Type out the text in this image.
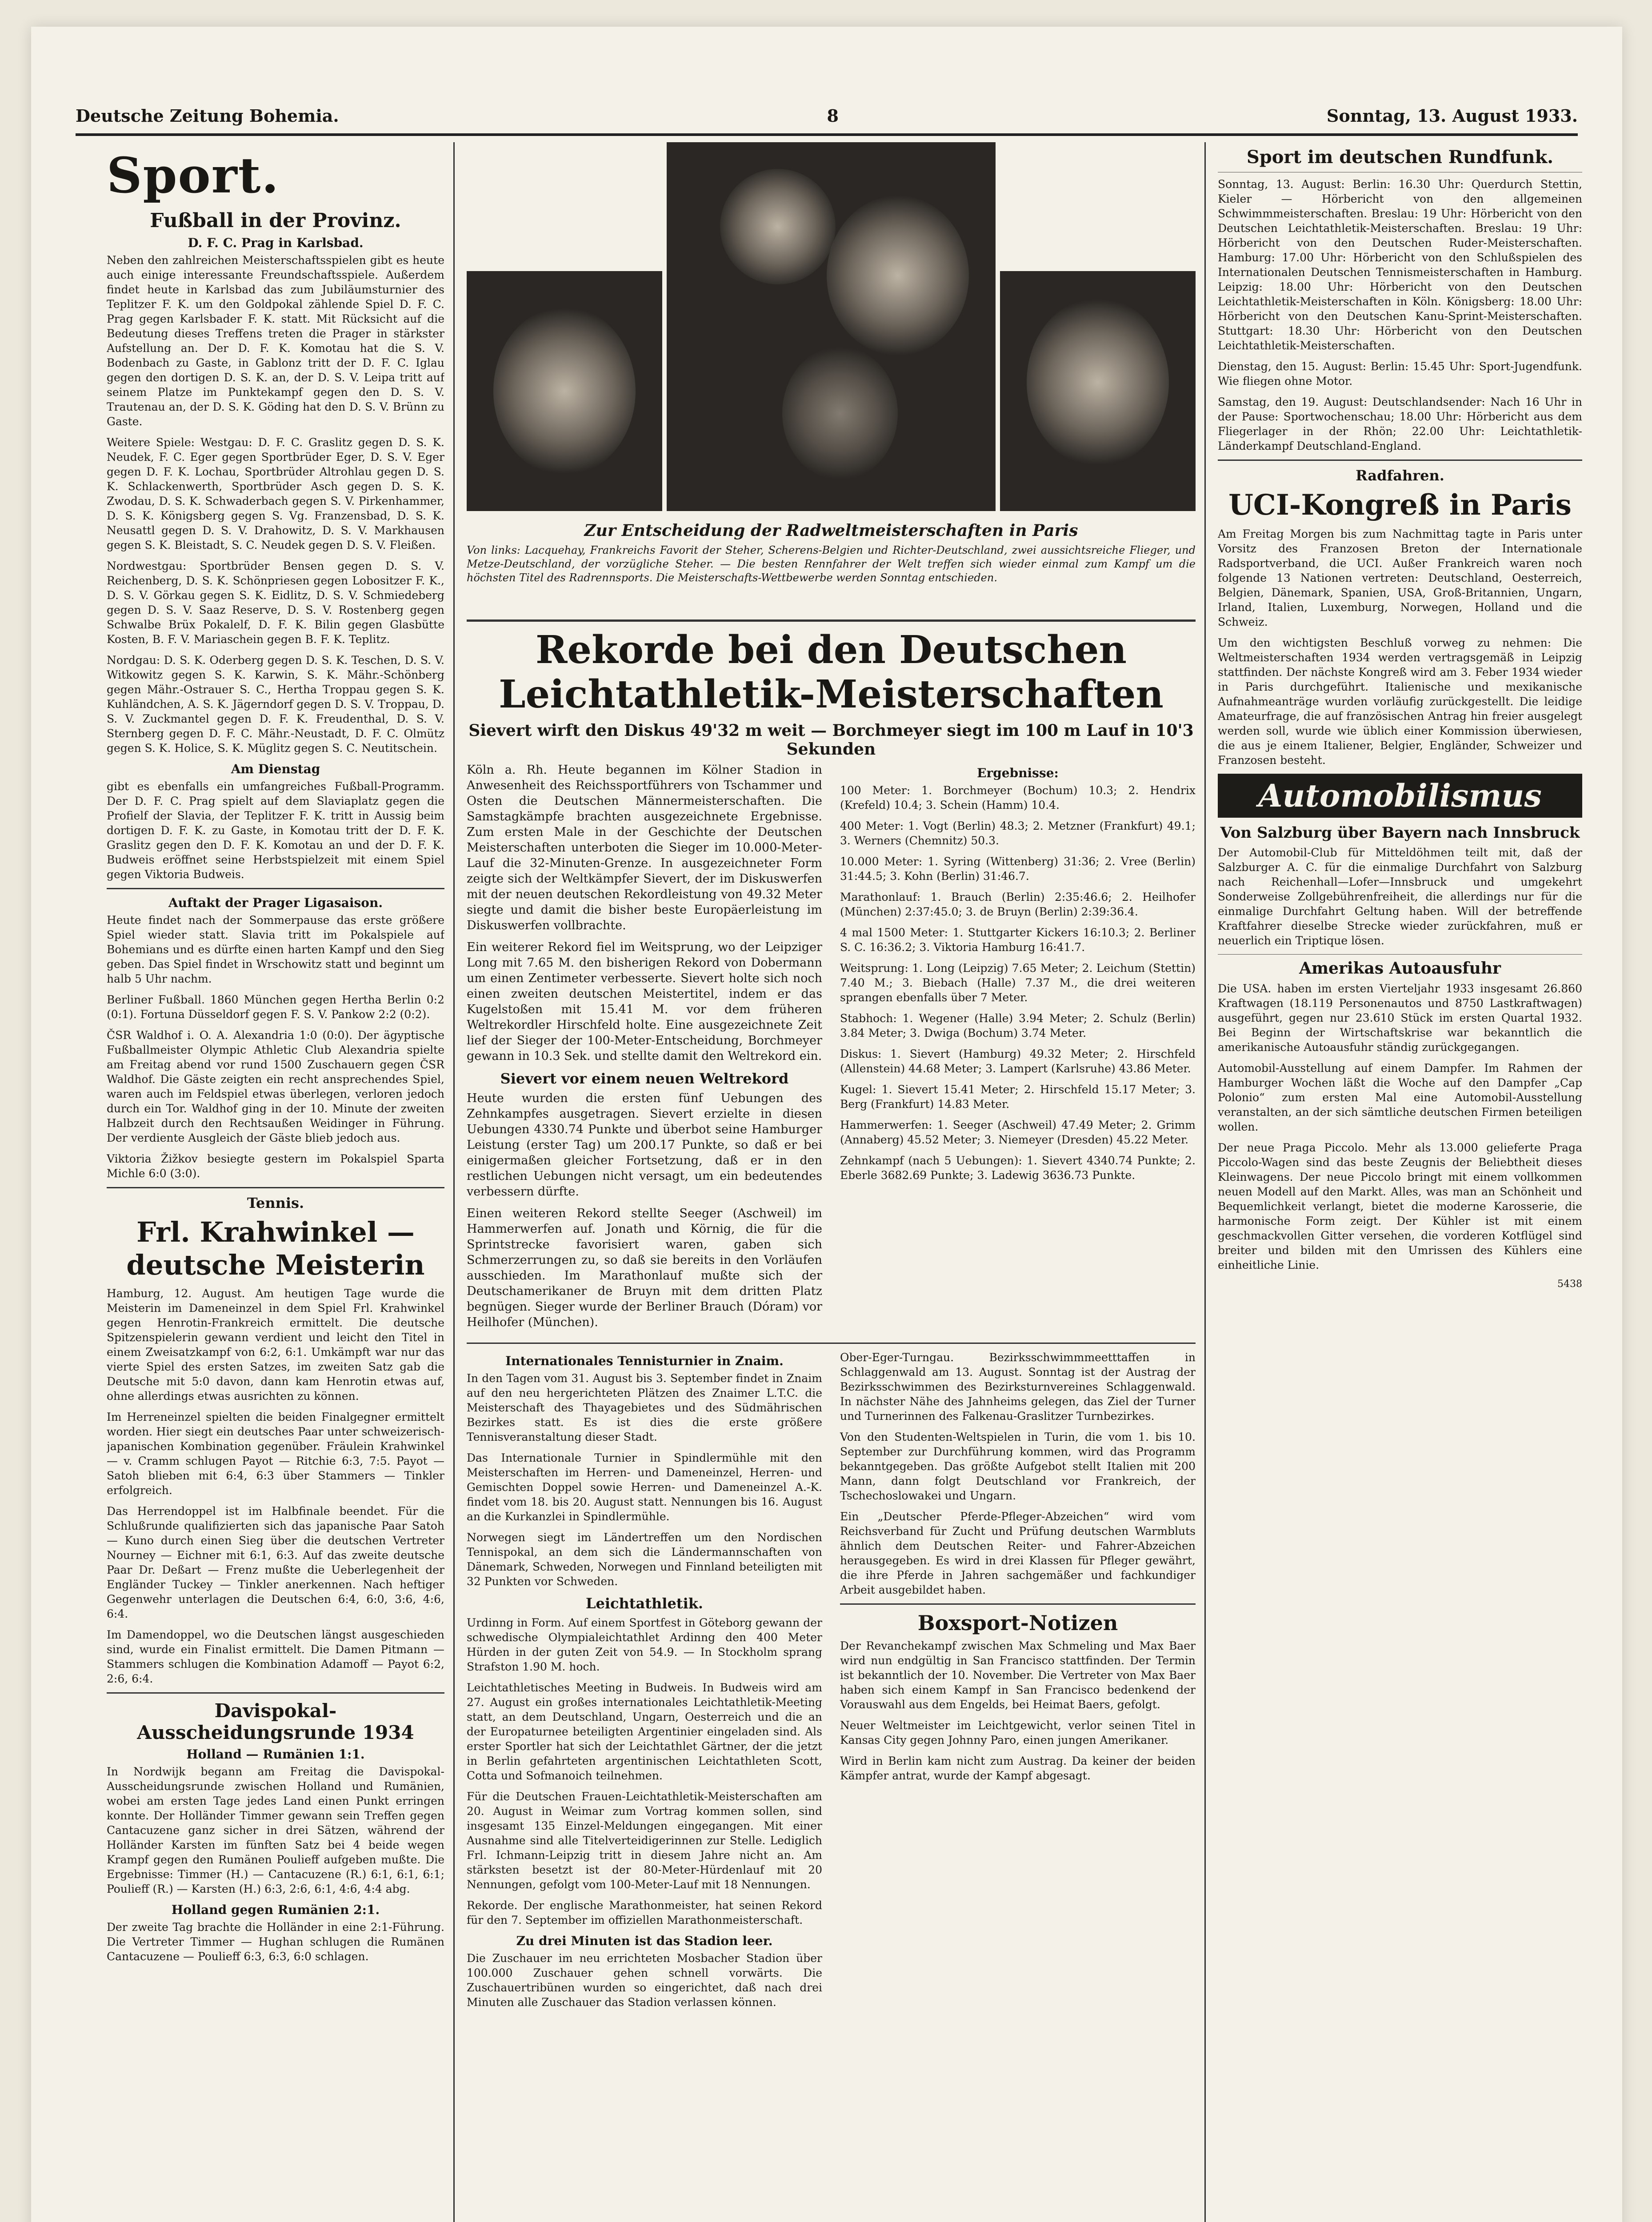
Deutsche Zeitung Bohemia.	8	Sonntag, 13. August 1933.
Sport.
Fußball in der Provinz.
D. F. C. Prag in Karlsbad.

Neben den zahlreichen Meisterschaftsspielen gibt es heute auch einige interessante Freundschaftsspiele. Außerdem findet heute in Karlsbad das zum Jubiläumsturnier des Teplitzer F. K. um den Goldpokal zählende Spiel D. F. C. Prag gegen Karlsbader F. K. statt. Mit Rücksicht auf die Bedeutung dieses Treffens treten die Prager in stärkster Aufstellung an. Der D. F. K. Komotau hat die S. V. Bodenbach zu Gaste, in Gablonz tritt der D. F. C. Iglau gegen den dortigen D. S. K. an, der D. S. V. Leipa tritt auf seinem Platze im Punktekampf gegen den D. S. V. Trautenau an, der D. S. K. Göding hat den D. S. V. Brünn zu Gaste.

Weitere Spiele: Westgau: D. F. C. Graslitz gegen D. S. K. Neudek, F. C. Eger gegen Sportbrüder Eger, D. S. V. Eger gegen D. F. K. Lochau, Sportbrüder Altrohlau gegen D. S. K. Schlackenwerth, Sportbrüder Asch gegen D. S. K. Zwodau, D. S. K. Schwaderbach gegen S. V. Pirkenhammer, D. S. K. Königsberg gegen S. Vg. Franzensbad, D. S. K. Neusattl gegen D. S. V. Drahowitz, D. S. V. Markhausen gegen S. K. Bleistadt, S. C. Neudek gegen D. S. V. Fleißen.

Nordwestgau: Sportbrüder Bensen gegen D. S. V. Reichenberg, D. S. K. Schönpriesen gegen Lobositzer F. K., D. S. V. Görkau gegen S. K. Eidlitz, D. S. V. Schmiedeberg gegen D. S. V. Saaz Reserve, D. S. V. Rostenberg gegen Schwalbe Brüx Pokalelf, D. F. K. Bilin gegen Glasbütte Kosten, B. F. V. Mariaschein gegen B. F. K. Teplitz.

Nordgau: D. S. K. Oderberg gegen D. S. K. Teschen, D. S. V. Witkowitz gegen S. K. Karwin, S. K. Mähr.-Schönberg gegen Mähr.-Ostrauer S. C., Hertha Troppau gegen S. K. Kuhländchen, A. S. K. Jägerndorf gegen D. S. V. Troppau, D. S. V. Zuckmantel gegen D. F. K. Freudenthal, D. S. V. Sternberg gegen D. F. C. Mähr.-Neustadt, D. F. C. Olmütz gegen S. K. Holice, S. K. Müglitz gegen S. C. Neutitschein.

Am Dienstag

gibt es ebenfalls ein umfangreiches Fußball-Programm. Der D. F. C. Prag spielt auf dem Slaviaplatz gegen die Profielf der Slavia, der Teplitzer F. K. tritt in Aussig beim dortigen D. F. K. zu Gaste, in Komotau tritt der D. F. K. Graslitz gegen den D. F. K. Komotau an und der D. F. K. Budweis eröffnet seine Herbstspielzeit mit einem Spiel gegen Viktoria Budweis.

Auftakt der Prager Ligasaison.

Heute findet nach der Sommerpause das erste größere Spiel wieder statt. Slavia tritt im Pokalspiele auf Bohemians und es dürfte einen harten Kampf und den Sieg geben. Das Spiel findet in Wrschowitz statt und beginnt um halb 5 Uhr nachm.

Berliner Fußball. 1860 München gegen Hertha Berlin 0:2 (0:1). Fortuna Düsseldorf gegen F. S. V. Pankow 2:2 (0:2).

ČSR Waldhof i. O. A. Alexandria 1:0 (0:0). Der ägyptische Fußballmeister Olympic Athletic Club Alexandria spielte am Freitag abend vor rund 1500 Zuschauern gegen ČSR Waldhof. Die Gäste zeigten ein recht ansprechendes Spiel, waren auch im Feldspiel etwas überlegen, verloren jedoch durch ein Tor. Waldhof ging in der 10. Minute der zweiten Halbzeit durch den Rechtsaußen Weidinger in Führung. Der verdiente Ausgleich der Gäste blieb jedoch aus.

Viktoria Žižkov besiegte gestern im Pokalspiel Sparta Michle 6:0 (3:0).

Tennis.
Frl. Krahwinkel — deutsche Meisterin

Hamburg, 12. August. Am heutigen Tage wurde die Meisterin im Dameneinzel in dem Spiel Frl. Krahwinkel gegen Henrotin-Frankreich ermittelt. Die deutsche Spitzenspielerin gewann verdient und leicht den Titel in einem Zweisatzkampf von 6:2, 6:1. Umkämpft war nur das vierte Spiel des ersten Satzes, im zweiten Satz gab die Deutsche mit 5:0 davon, dann kam Henrotin etwas auf, ohne allerdings etwas ausrichten zu können.

Im Herreneinzel spielten die beiden Finalgegner ermittelt worden. Hier siegt ein deutsches Paar unter schweizerisch-japanischen Kombination gegenüber. Fräulein Krahwinkel — v. Cramm schlugen Payot — Ritchie 6:3, 7:5. Payot — Satoh blieben mit 6:4, 6:3 über Stammers — Tinkler erfolgreich.

Das Herrendoppel ist im Halbfinale beendet. Für die Schlußrunde qualifizierten sich das japanische Paar Satoh — Kuno durch einen Sieg über die deutschen Vertreter Nourney — Eichner mit 6:1, 6:3. Auf das zweite deutsche Paar Dr. Deßart — Frenz mußte die Ueberlegenheit der Engländer Tuckey — Tinkler anerkennen. Nach heftiger Gegenwehr unterlagen die Deutschen 6:4, 6:0, 3:6, 4:6, 6:4.

Im Damendoppel, wo die Deutschen längst ausgeschieden sind, wurde ein Finalist ermittelt. Die Damen Pitmann — Stammers schlugen die Kombination Adamoff — Payot 6:2, 2:6, 6:4.

Davispokal-Ausscheidungsrunde 1934
Holland — Rumänien 1:1.

In Nordwijk begann am Freitag die Davispokal-Ausscheidungsrunde zwischen Holland und Rumänien, wobei am ersten Tage jedes Land einen Punkt erringen konnte. Der Holländer Timmer gewann sein Treffen gegen Cantacuzene ganz sicher in drei Sätzen, während der Holländer Karsten im fünften Satz bei 4 beide wegen Krampf gegen den Rumänen Poulieff aufgeben mußte. Die Ergebnisse: Timmer (H.) — Cantacuzene (R.) 6:1, 6:1, 6:1; Poulieff (R.) — Karsten (H.) 6:3, 2:6, 6:1, 4:6, 4:4 abg.

Holland gegen Rumänien 2:1.

Der zweite Tag brachte die Holländer in eine 2:1-Führung. Die Vertreter Timmer — Hughan schlugen die Rumänen Cantacuzene — Poulieff 6:3, 6:3, 6:0 schlagen.

Zur Entscheidung der Radweltmeisterschaften in Paris
Von links: Lacquehay, Frankreichs Favorit der Steher, Scherens-Belgien und Richter-Deutschland, zwei aussichtsreiche Flieger, und Metze-Deutschland, der vorzügliche Steher. — Die besten Rennfahrer der Welt treffen sich wieder einmal zum Kampf um die höchsten Titel des Radrennsports. Die Meisterschafts-Wettbewerbe werden Sonntag entschieden.
Rekorde bei den Deutschen Leichtathletik-Meisterschaften
Sievert wirft den Diskus 49'32 m weit — Borchmeyer siegt im 100 m Lauf in 10'3 Sekunden

Köln a. Rh. Heute begannen im Kölner Stadion in Anwesenheit des Reichssportführers von Tschammer und Osten die Deutschen Männermeisterschaften. Die Samstagkämpfe brachten ausgezeichnete Ergebnisse. Zum ersten Male in der Geschichte der Deutschen Meisterschaften unterboten die Sieger im 10.000-Meter-Lauf die 32-Minuten-Grenze. In ausgezeichneter Form zeigte sich der Weltkämpfer Sievert, der im Diskuswerfen mit der neuen deutschen Rekordleistung von 49.32 Meter siegte und damit die bisher beste Europäerleistung im Diskuswerfen vollbrachte.

Ein weiterer Rekord fiel im Weitsprung, wo der Leipziger Long mit 7.65 M. den bisherigen Rekord von Dobermann um einen Zentimeter verbesserte. Sievert holte sich noch einen zweiten deutschen Meistertitel, indem er das Kugelstoßen mit 15.41 M. vor dem früheren Weltrekordler Hirschfeld holte. Eine ausgezeichnete Zeit lief der Sieger der 100-Meter-Entscheidung, Borchmeyer gewann in 10.3 Sek. und stellte damit den Weltrekord ein.

Sievert vor einem neuen Weltrekord

Heute wurden die ersten fünf Uebungen des Zehnkampfes ausgetragen. Sievert erzielte in diesen Uebungen 4330.74 Punkte und überbot seine Hamburger Leistung (erster Tag) um 200.17 Punkte, so daß er bei einigermaßen gleicher Fortsetzung, daß er in den restlichen Uebungen nicht versagt, um ein bedeutendes verbessern dürfte.

Einen weiteren Rekord stellte Seeger (Aschweil) im Hammerwerfen auf. Jonath und Körnig, die für die Sprintstrecke favorisiert waren, gaben sich Schmerzerrungen zu, so daß sie bereits in den Vorläufen ausschieden. Im Marathonlauf mußte sich der Deutschamerikaner de Bruyn mit dem dritten Platz begnügen. Sieger wurde der Berliner Brauch (Dóram) vor Heilhofer (München).

Ergebnisse:

100 Meter: 1. Borchmeyer (Bochum) 10.3; 2. Hendrix (Krefeld) 10.4; 3. Schein (Hamm) 10.4.

400 Meter: 1. Vogt (Berlin) 48.3; 2. Metzner (Frankfurt) 49.1; 3. Werners (Chemnitz) 50.3.

10.000 Meter: 1. Syring (Wittenberg) 31:36; 2. Vree (Berlin) 31:44.5; 3. Kohn (Berlin) 31:46.7.

Marathonlauf: 1. Brauch (Berlin) 2:35:46.6; 2. Heilhofer (München) 2:37:45.0; 3. de Bruyn (Berlin) 2:39:36.4.

4 mal 1500 Meter: 1. Stuttgarter Kickers 16:10.3; 2. Berliner S. C. 16:36.2; 3. Viktoria Hamburg 16:41.7.

Weitsprung: 1. Long (Leipzig) 7.65 Meter; 2. Leichum (Stettin) 7.40 M.; 3. Biebach (Halle) 7.37 M., die drei weiteren sprangen ebenfalls über 7 Meter.

Stabhoch: 1. Wegener (Halle) 3.94 Meter; 2. Schulz (Berlin) 3.84 Meter; 3. Dwiga (Bochum) 3.74 Meter.

Diskus: 1. Sievert (Hamburg) 49.32 Meter; 2. Hirschfeld (Allenstein) 44.68 Meter; 3. Lampert (Karlsruhe) 43.86 Meter.

Kugel: 1. Sievert 15.41 Meter; 2. Hirschfeld 15.17 Meter; 3. Berg (Frankfurt) 14.83 Meter.

Hammerwerfen: 1. Seeger (Aschweil) 47.49 Meter; 2. Grimm (Annaberg) 45.52 Meter; 3. Niemeyer (Dresden) 45.22 Meter.

Zehnkampf (nach 5 Uebungen): 1. Sievert 4340.74 Punkte; 2. Eberle 3682.69 Punkte; 3. Ladewig 3636.73 Punkte.

Internationales Tennisturnier in Znaim.

In den Tagen vom 31. August bis 3. September findet in Znaim auf den neu hergerichteten Plätzen des Znaimer L.T.C. die Meisterschaft des Thayagebietes und des Südmährischen Bezirkes statt. Es ist dies die erste größere Tennisveranstaltung dieser Stadt.

Das Internationale Turnier in Spindlermühle mit den Meisterschaften im Herren- und Dameneinzel, Herren- und Gemischten Doppel sowie Herren- und Dameneinzel A.-K. findet vom 18. bis 20. August statt. Nennungen bis 16. August an die Kurkanzlei in Spindlermühle.

Norwegen siegt im Ländertreffen um den Nordischen Tennispokal, an dem sich die Ländermannschaften von Dänemark, Schweden, Norwegen und Finnland beteiligten mit 32 Punkten vor Schweden.

Leichtathletik.

Urdinng in Form. Auf einem Sportfest in Göteborg gewann der schwedische Olympialeichtathlet Ardinng den 400 Meter Hürden in der guten Zeit von 54.9. — In Stockholm sprang Strafston 1.90 M. hoch.

Leichtathletisches Meeting in Budweis. In Budweis wird am 27. August ein großes internationales Leichtathletik-Meeting statt, an dem Deutschland, Ungarn, Oesterreich und die an der Europaturnee beteiligten Argentinier eingeladen sind. Als erster Sportler hat sich der Leichtathlet Gärtner, der die jetzt in Berlin gefahrteten argentinischen Leichtathleten Scott, Cotta und Sofmanoich teilnehmen.

Für die Deutschen Frauen-Leichtathletik-Meisterschaften am 20. August in Weimar zum Vortrag kommen sollen, sind insgesamt 135 Einzel-Meldungen eingegangen. Mit einer Ausnahme sind alle Titelverteidigerinnen zur Stelle. Lediglich Frl. Ichmann-Leipzig tritt in diesem Jahre nicht an. Am stärksten besetzt ist der 80-Meter-Hürdenlauf mit 20 Nennungen, gefolgt vom 100-Meter-Lauf mit 18 Nennungen.

Rekorde. Der englische Marathonmeister, hat seinen Rekord für den 7. September im offiziellen Marathonmeisterschaft.

Zu drei Minuten ist das Stadion leer.

Die Zuschauer im neu errichteten Mosbacher Stadion über 100.000 Zuschauer gehen schnell vorwärts. Die Zuschauertribünen wurden so eingerichtet, daß nach drei Minuten alle Zuschauer das Stadion verlassen können.

Ober-Eger-Turngau. Bezirksschwimmmeetttaffen in Schlaggenwald am 13. August. Sonntag ist der Austrag der Bezirksschwimmen des Bezirksturnvereines Schlaggenwald. In nächster Nähe des Jahnheims gelegen, das Ziel der Turner und Turnerinnen des Falkenau-Graslitzer Turnbezirkes.

Von den Studenten-Weltspielen in Turin, die vom 1. bis 10. September zur Durchführung kommen, wird das Programm bekanntgegeben. Das größte Aufgebot stellt Italien mit 200 Mann, dann folgt Deutschland vor Frankreich, der Tschechoslowakei und Ungarn.

Ein „Deutscher Pferde-Pfleger-Abzeichen“ wird vom Reichsverband für Zucht und Prüfung deutschen Warmbluts ähnlich dem Deutschen Reiter- und Fahrer-Abzeichen herausgegeben. Es wird in drei Klassen für Pfleger gewährt, die ihre Pferde in Jahren sachgemäßer und fachkundiger Arbeit ausgebildet haben.

Boxsport-Notizen

Der Revanchekampf zwischen Max Schmeling und Max Baer wird nun endgültig in San Francisco stattfinden. Der Termin ist bekanntlich der 10. November. Die Vertreter von Max Baer haben sich einem Kampf in San Francisco bedenkend der Vorauswahl aus dem Engelds, bei Heimat Baers, gefolgt.

Neuer Weltmeister im Leichtgewicht, verlor seinen Titel in Kansas City gegen Johnny Paro, einen jungen Amerikaner.

Wird in Berlin kam nicht zum Austrag. Da keiner der beiden Kämpfer antrat, wurde der Kampf abgesagt.

Sport im deutschen Rundfunk.

Sonntag, 13. August: Berlin: 16.30 Uhr: Querdurch Stettin, Kieler — Hörbericht von den allgemeinen Schwimmmeisterschaften. Breslau: 19 Uhr: Hörbericht von den Deutschen Leichtathletik-Meisterschaften. Breslau: 19 Uhr: Hörbericht von den Deutschen Ruder-Meisterschaften. Hamburg: 17.00 Uhr: Hörbericht von den Schlußspielen des Internationalen Deutschen Tennismeisterschaften in Hamburg. Leipzig: 18.00 Uhr: Hörbericht von den Deutschen Leichtathletik-Meisterschaften in Köln. Königsberg: 18.00 Uhr: Hörbericht von den Deutschen Kanu-Sprint-Meisterschaften. Stuttgart: 18.30 Uhr: Hörbericht von den Deutschen Leichtathletik-Meisterschaften.

Dienstag, den 15. August: Berlin: 15.45 Uhr: Sport-Jugendfunk. Wie fliegen ohne Motor.

Samstag, den 19. August: Deutschlandsender: Nach 16 Uhr in der Pause: Sportwochenschau; 18.00 Uhr: Hörbericht aus dem Fliegerlager in der Rhön; 22.00 Uhr: Leichtathletik-Länderkampf Deutschland-England.

Radfahren.
UCI-Kongreß in Paris

Am Freitag Morgen bis zum Nachmittag tagte in Paris unter Vorsitz des Franzosen Breton der Internationale Radsportverband, die UCI. Außer Frankreich waren noch folgende 13 Nationen vertreten: Deutschland, Oesterreich, Belgien, Dänemark, Spanien, USA, Groß-Britannien, Ungarn, Irland, Italien, Luxemburg, Norwegen, Holland und die Schweiz.

Um den wichtigsten Beschluß vorweg zu nehmen: Die Weltmeisterschaften 1934 werden vertragsgemäß in Leipzig stattfinden. Der nächste Kongreß wird am 3. Feber 1934 wieder in Paris durchgeführt. Italienische und mexikanische Aufnahmeanträge wurden vorläufig zurückgestellt. Die leidige Amateurfrage, die auf französischen Antrag hin freier ausgelegt werden soll, wurde wie üblich einer Kommission überwiesen, die aus je einem Italiener, Belgier, Engländer, Schweizer und Franzosen besteht.

Automobilismus
Von Salzburg über Bayern nach Innsbruck

Der Automobil-Club für Mitteldöhmen teilt mit, daß der Salzburger A. C. für die einmalige Durchfahrt von Salzburg nach Reichenhall—Lofer—Innsbruck und umgekehrt Sonderweise Zollgebührenfreiheit, die allerdings nur für die einmalige Durchfahrt Geltung haben. Will der betreffende Kraftfahrer dieselbe Strecke wieder zurückfahren, muß er neuerlich ein Triptique lösen.

Amerikas Autoausfuhr

Die USA. haben im ersten Vierteljahr 1933 insgesamt 26.860 Kraftwagen (18.119 Personenautos und 8750 Lastkraftwagen) ausgeführt, gegen nur 23.610 Stück im ersten Quartal 1932. Bei Beginn der Wirtschaftskrise war bekanntlich die amerikanische Autoausfuhr ständig zurückgegangen.

Automobil-Ausstellung auf einem Dampfer. Im Rahmen der Hamburger Wochen läßt die Woche auf den Dampfer „Cap Polonio“ zum ersten Mal eine Automobil-Ausstellung veranstalten, an der sich sämtliche deutschen Firmen beteiligen wollen.

Der neue Praga Piccolo. Mehr als 13.000 gelieferte Praga Piccolo-Wagen sind das beste Zeugnis der Beliebtheit dieses Kleinwagens. Der neue Piccolo bringt mit einem vollkommen neuen Modell auf den Markt. Alles, was man an Schönheit und Bequemlichkeit verlangt, bietet die moderne Karosserie, die harmonische Form zeigt. Der Kühler ist mit einem geschmackvollen Gitter versehen, die vorderen Kotflügel sind breiter und bilden mit den Umrissen des Kühlers eine einheitliche Linie.

5438
